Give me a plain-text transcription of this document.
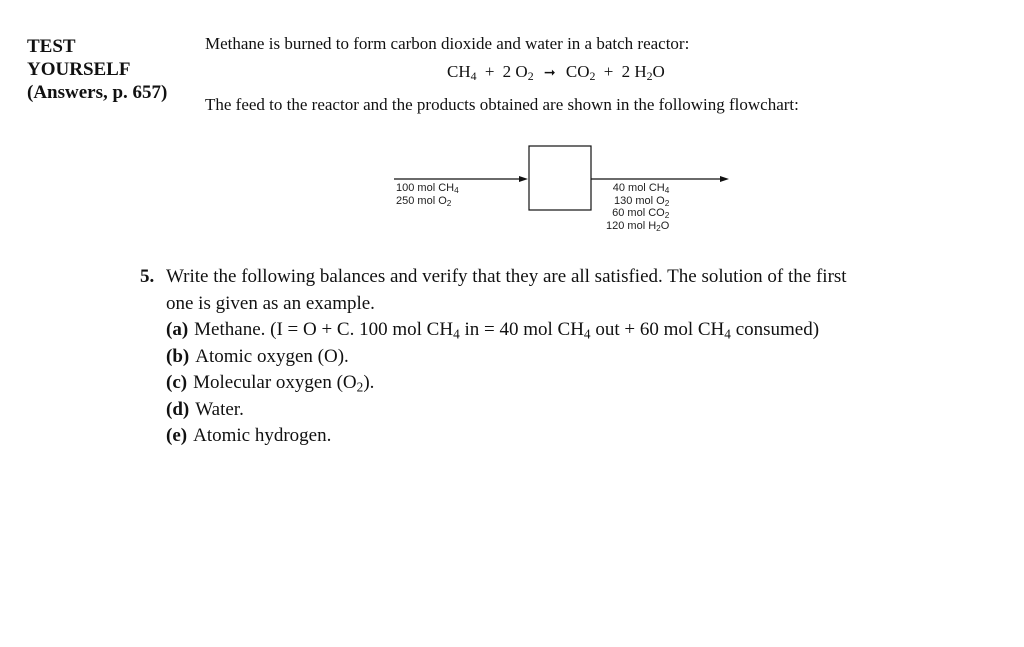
TEST
YOURSELF
(Answers, p. 657)
Methane is burned to form carbon dioxide and water in a batch reactor:
$CH_4 + 2$ $O_2$ ➞ $CO_2 + 2$ $H_2O$
The feed to the reactor and the products obtained are shown in the following flowchart:
100 mol $CH_4$
250 mol $O_2$
40 mol $CH_4$
130 mol $O_2$
60 mol $CO_2$
120 mol $H_2O$
5. Write the following balances and verify that they are all satisfied. The solution of the first
one is given as an example.
(a) Methane. (I = O + C. 100 mol $CH_4$ in = 40 mol $CH_4$ out + 60 mol $CH_4$ consumed)
(b) Atomic oxygen (O).
(c) Molecular oxygen $(O_2)$.
(d) Water.
(e) Atomic hydrogen.
